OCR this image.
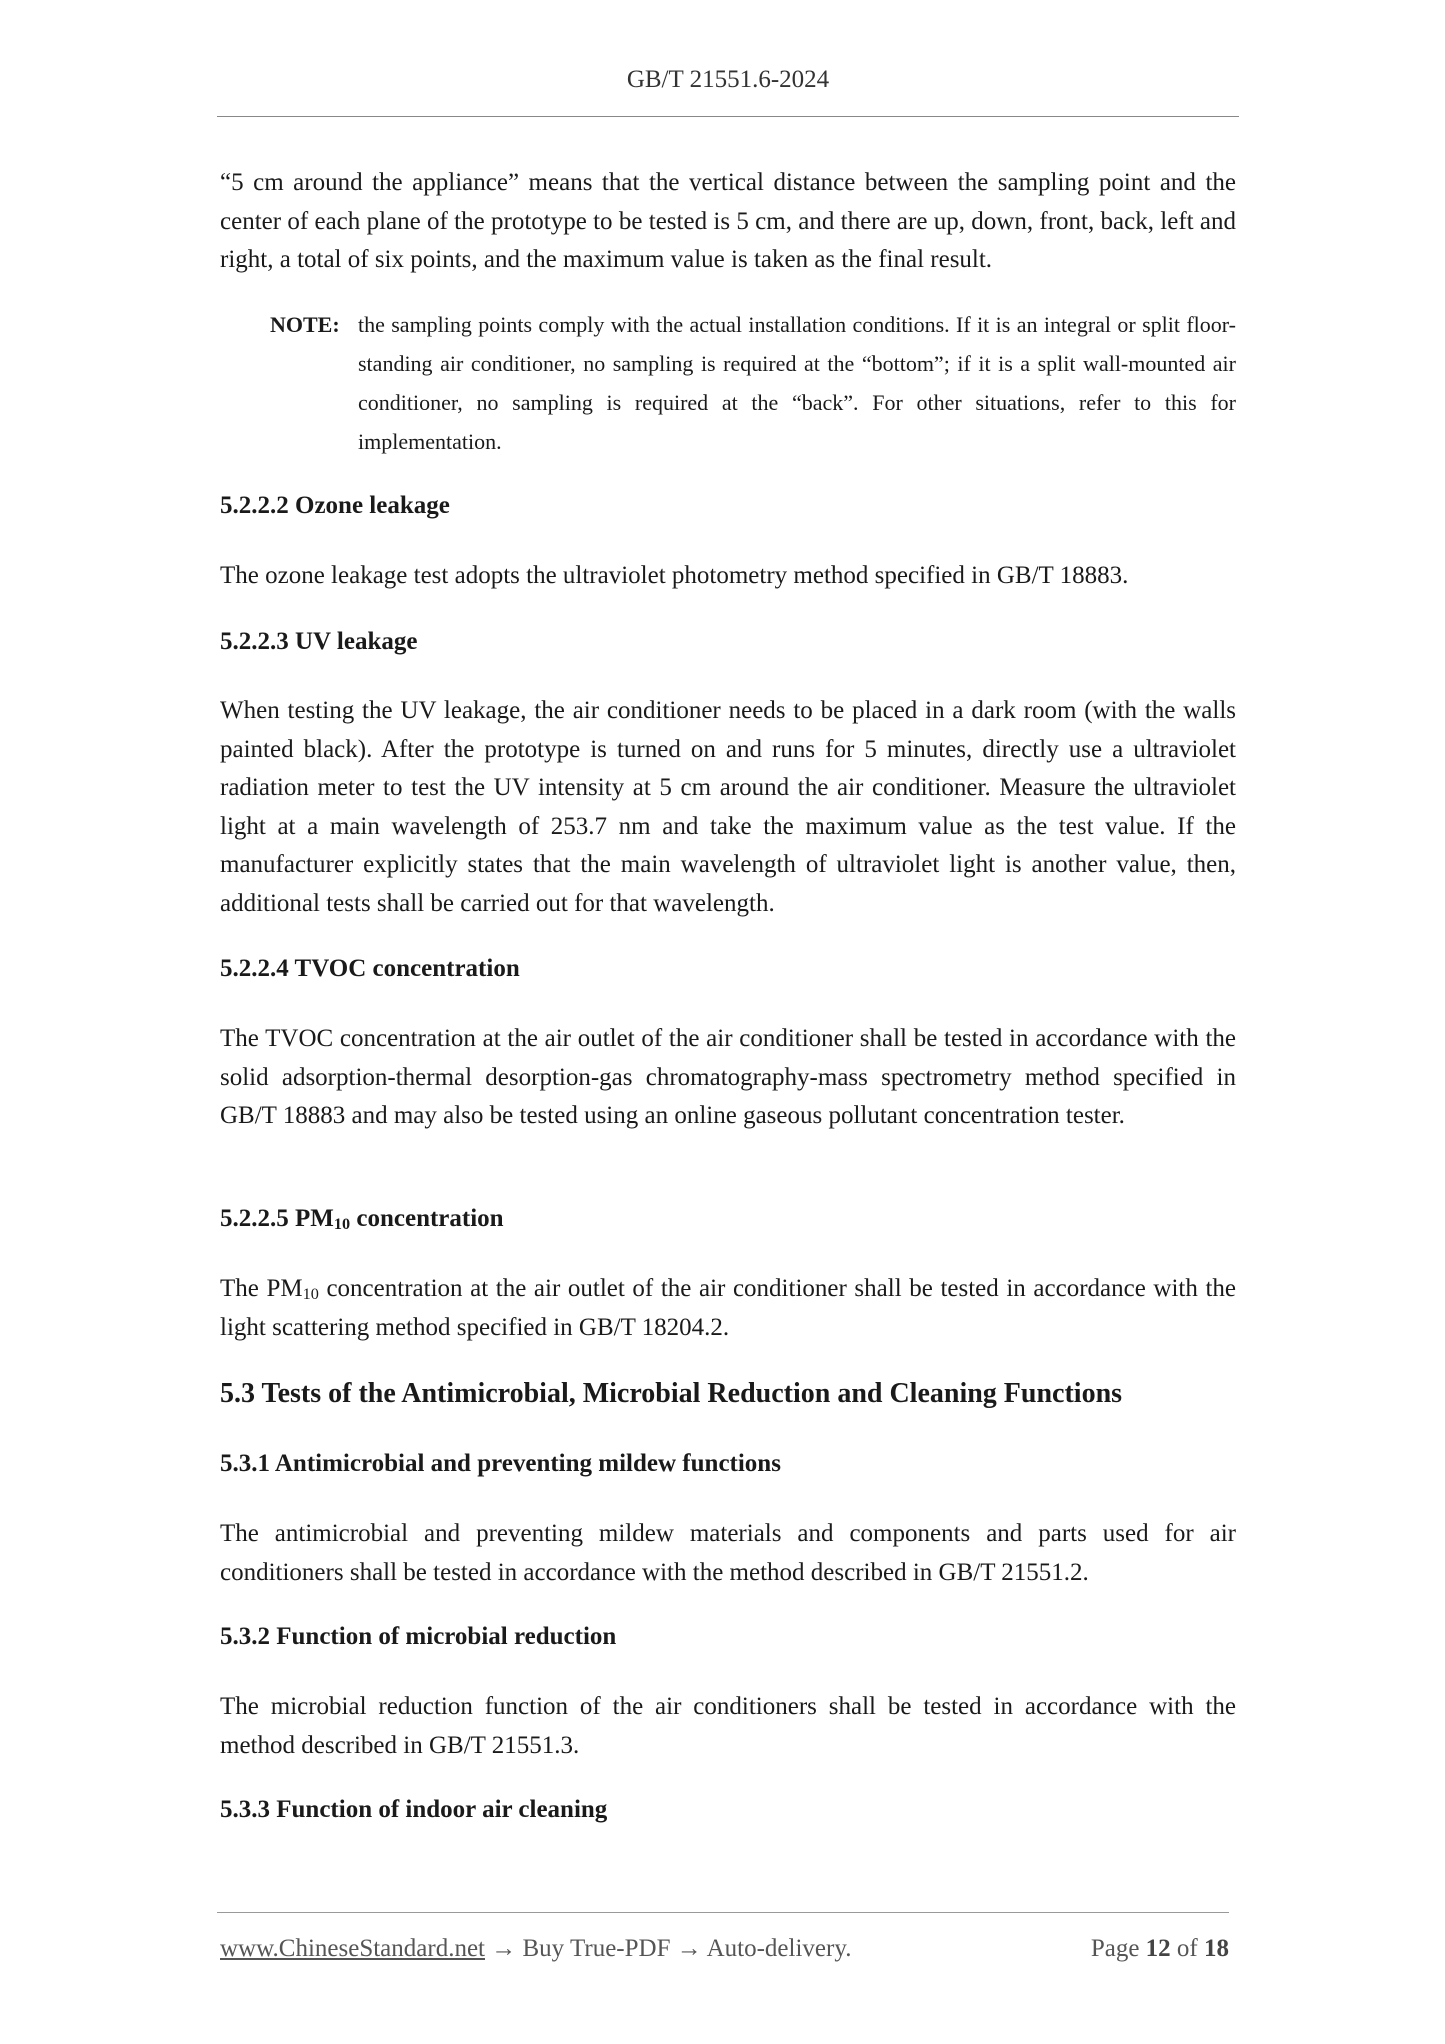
GB/T 21551.6-2024

“5 cm around the appliance” means that the vertical distance between the sampling point and the center of each plane of the prototype to be tested is 5 cm, and there are up, down, front, back, left and right, a total of six points, and the maximum value is taken as the final result.

NOTE: the sampling points comply with the actual installation conditions. If it is an integral or split floor-standing air conditioner, no sampling is required at the “bottom”; if it is a split wall-mounted air conditioner, no sampling is required at the “back”. For other situations, refer to this for implementation.
5.2.2.2 Ozone leakage

The ozone leakage test adopts the ultraviolet photometry method specified in GB/T 18883.

5.2.2.3 UV leakage

When testing the UV leakage, the air conditioner needs to be placed in a dark room (with the walls painted black). After the prototype is turned on and runs for 5 minutes, directly use a ultraviolet radiation meter to test the UV intensity at 5 cm around the air conditioner. Measure the ultraviolet light at a main wavelength of 253.7 nm and take the maximum value as the test value. If the manufacturer explicitly states that the main wavelength of ultraviolet light is another value, then, additional tests shall be carried out for that wavelength.

5.2.2.4 TVOC concentration

The TVOC concentration at the air outlet of the air conditioner shall be tested in accordance with the solid adsorption-thermal desorption-gas chromatography-mass spectrometry method specified in GB/T 18883 and may also be tested using an online gaseous pollutant concentration tester.

5.2.2.5 $PM_{10}$ concentration

The $PM_{10}$ concentration at the air outlet of the air conditioner shall be tested in accordance with the light scattering method specified in GB/T 18204.2.

5.3 Tests of the Antimicrobial, Microbial Reduction and Cleaning Functions
5.3.1 Antimicrobial and preventing mildew functions

The antimicrobial and preventing mildew materials and components and parts used for air conditioners shall be tested in accordance with the method described in GB/T 21551.2.

5.3.2 Function of microbial reduction

The microbial reduction function of the air conditioners shall be tested in accordance with the method described in GB/T 21551.3.

5.3.3 Function of indoor air cleaning
www.ChineseStandard.net → Buy True-PDF → Auto-delivery.	Page 12 of 18
